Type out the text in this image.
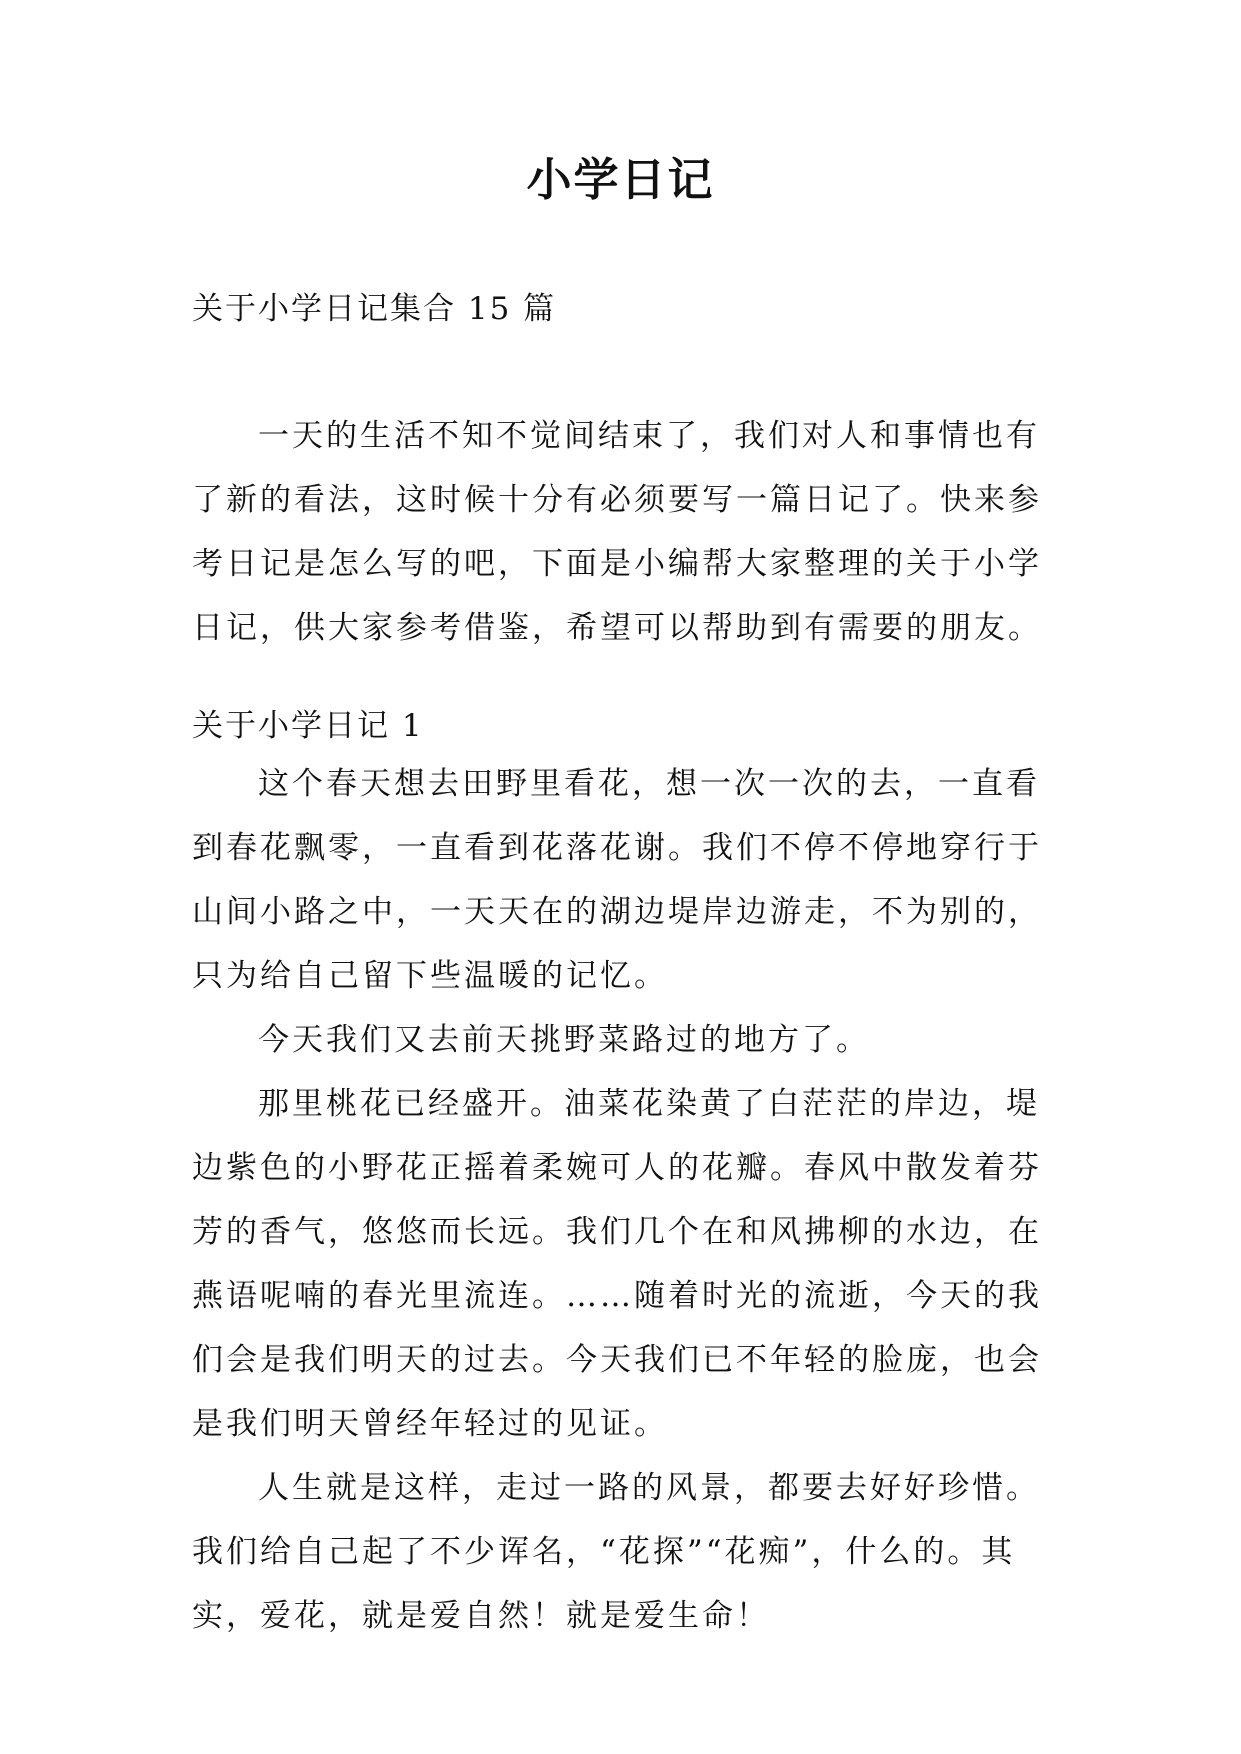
小学日记
关于小学日记集合 15 篇

一天的生活不知不觉间结束了，我们对人和事情也有了新的看法，这时候十分有必须要写一篇日记了。快来参考日记是怎么写的吧，下面是小编帮大家整理的关于小学日记，供大家参考借鉴，希望可以帮助到有需要的朋友。

关于小学日记 1

这个春天想去田野里看花，想一次一次的去，一直看到春花飘零，一直看到花落花谢。我们不停不停地穿行于山间小路之中，一天天在的湖边堤岸边游走，不为别的，只为给自己留下些温暖的记忆。

今天我们又去前天挑野菜路过的地方了。

那里桃花已经盛开。油菜花染黄了白茫茫的岸边，堤边紫色的小野花正摇着柔婉可人的花瓣。春风中散发着芬芳的香气，悠悠而长远。我们几个在和风拂柳的水边，在燕语呢喃的春光里流连。……随着时光的流逝，今天的我们会是我们明天的过去。今天我们已不年轻的脸庞，也会是我们明天曾经年轻过的见证。

人生就是这样，走过一路的风景，都要去好好珍惜。我们给自己起了不少诨名，“花探”“花痴”，什么的。其实，爱花，就是爱自然！就是爱生命！
